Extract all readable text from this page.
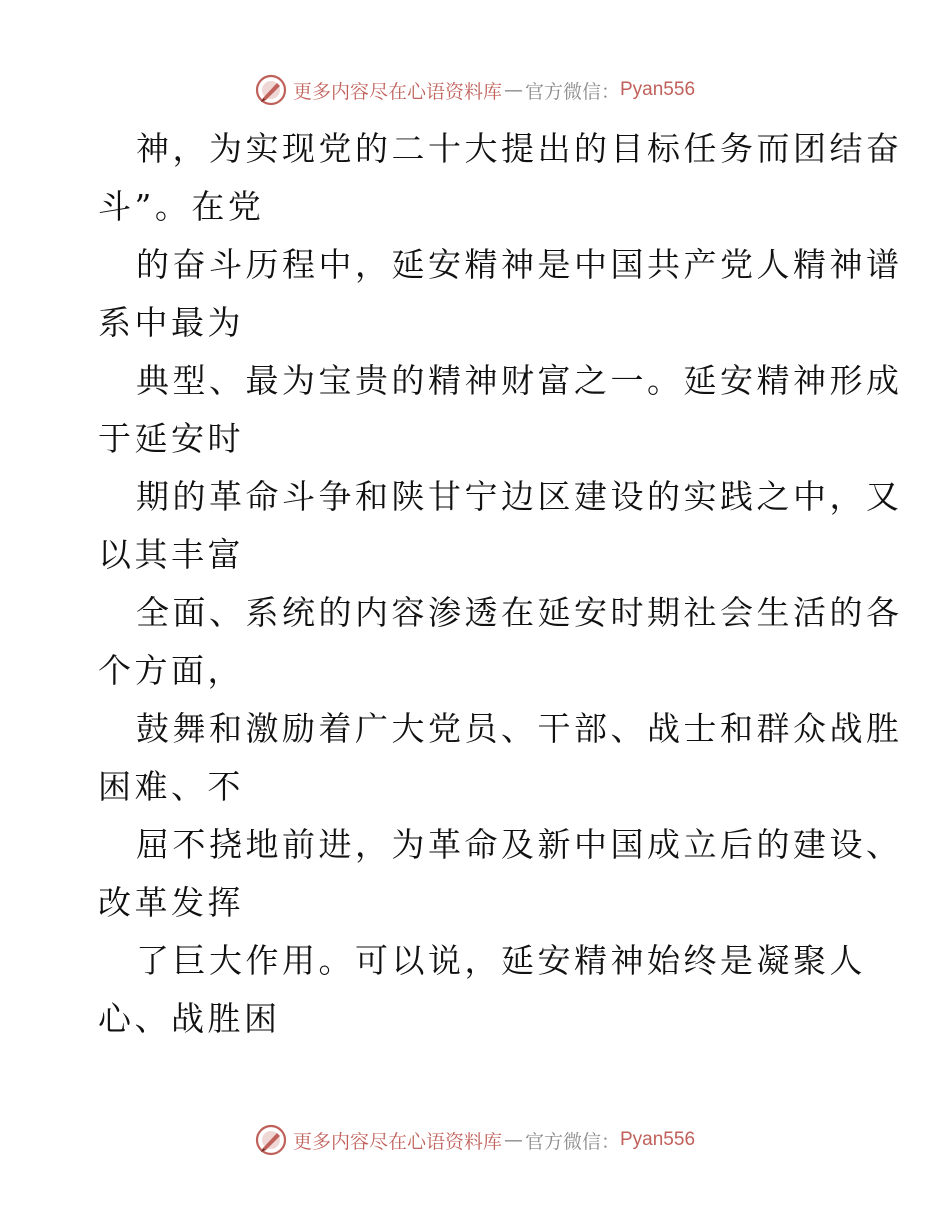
更多内容尽在心语资料库 — 官方微信： Pyan556
神，为实现党的二十大提出的目标任务而团结奋
斗”。在党
的奋斗历程中，延安精神是中国共产党人精神谱
系中最为
典型、最为宝贵的精神财富之一。延安精神形成
于延安时
期的革命斗争和陕甘宁边区建设的实践之中，又
以其丰富
全面、系统的内容渗透在延安时期社会生活的各
个方面，
鼓舞和激励着广大党员、干部、战士和群众战胜
困难、不
屈不挠地前进，为革命及新中国成立后的建设、
改革发挥
了巨大作用。可以说，延安精神始终是凝聚人
心、战胜困
更多内容尽在心语资料库 — 官方微信： Pyan556
